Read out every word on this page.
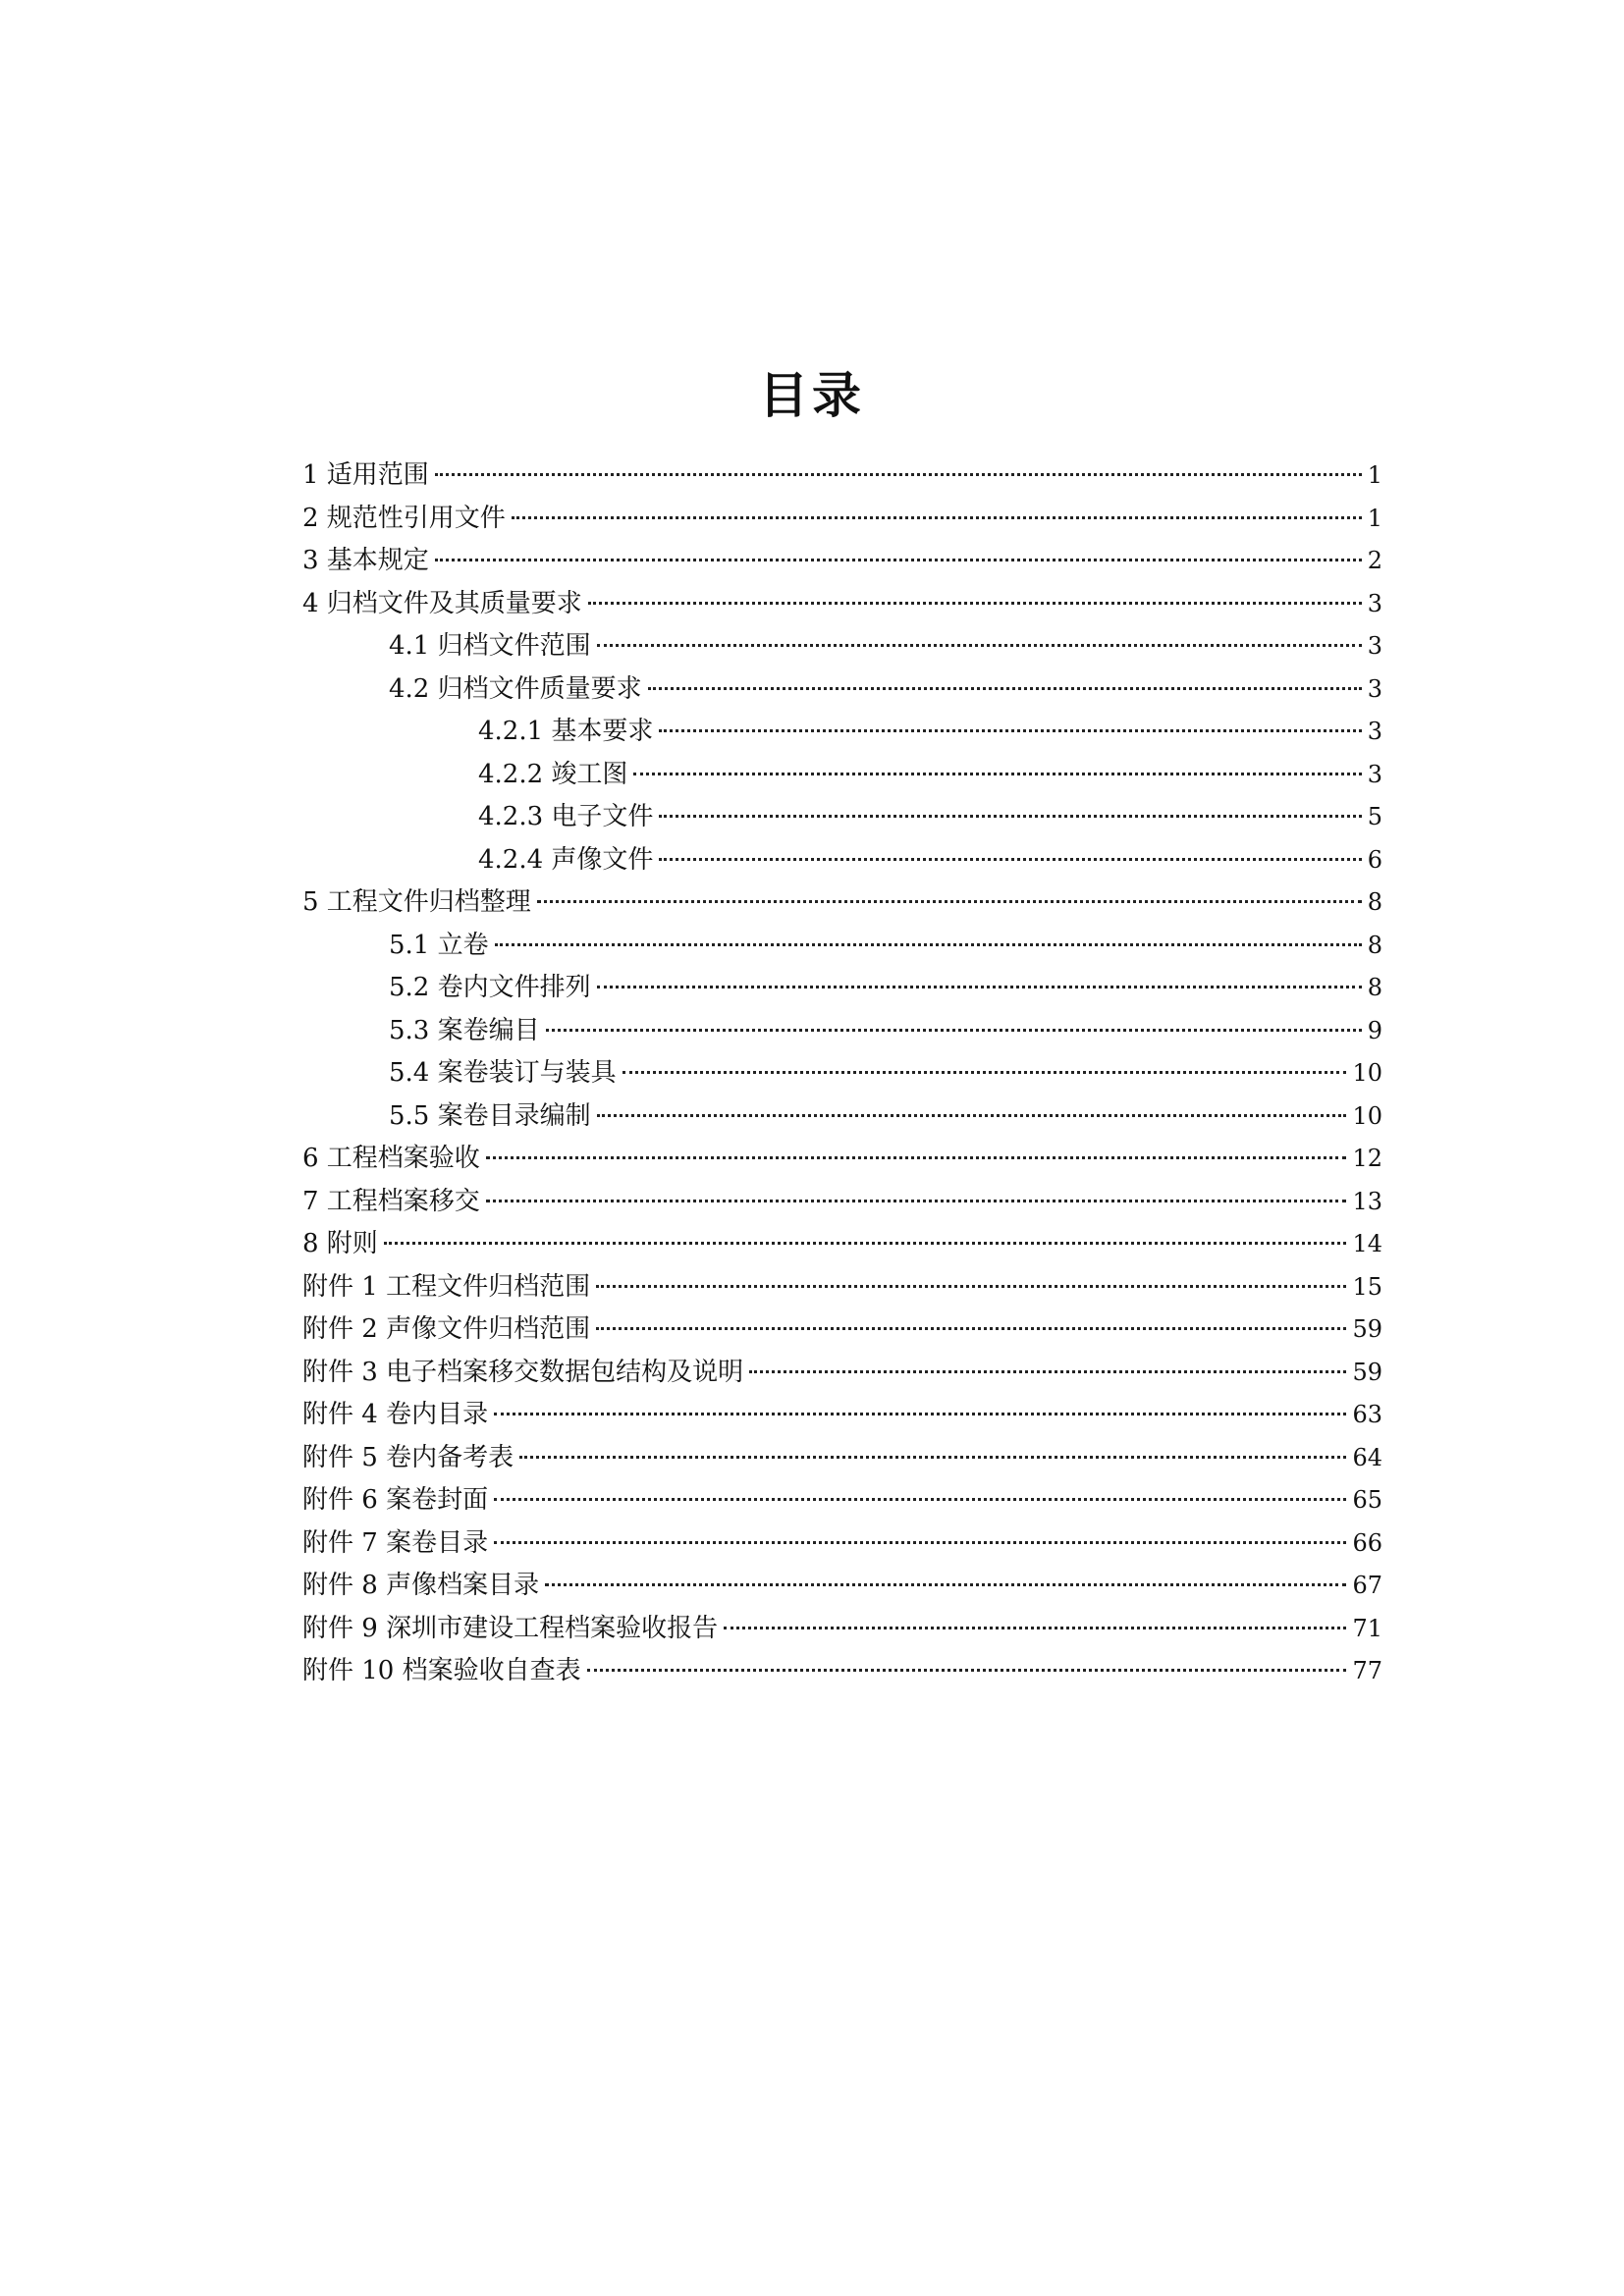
目录
1 适用范围	1
2 规范性引用文件	1
3 基本规定	2
4 归档文件及其质量要求	3
4.1 归档文件范围	3
4.2 归档文件质量要求	3
4.2.1 基本要求	3
4.2.2 竣工图	3
4.2.3 电子文件	5
4.2.4 声像文件	6
5 工程文件归档整理	8
5.1 立卷	8
5.2 卷内文件排列	8
5.3 案卷编目	9
5.4 案卷装订与装具	10
5.5 案卷目录编制	10
6 工程档案验收	12
7 工程档案移交	13
8 附则	14
附件 1 工程文件归档范围	15
附件 2 声像文件归档范围	59
附件 3 电子档案移交数据包结构及说明	59
附件 4 卷内目录	63
附件 5 卷内备考表	64
附件 6 案卷封面	65
附件 7 案卷目录	66
附件 8 声像档案目录	67
附件 9 深圳市建设工程档案验收报告	71
附件 10 档案验收自查表	77
